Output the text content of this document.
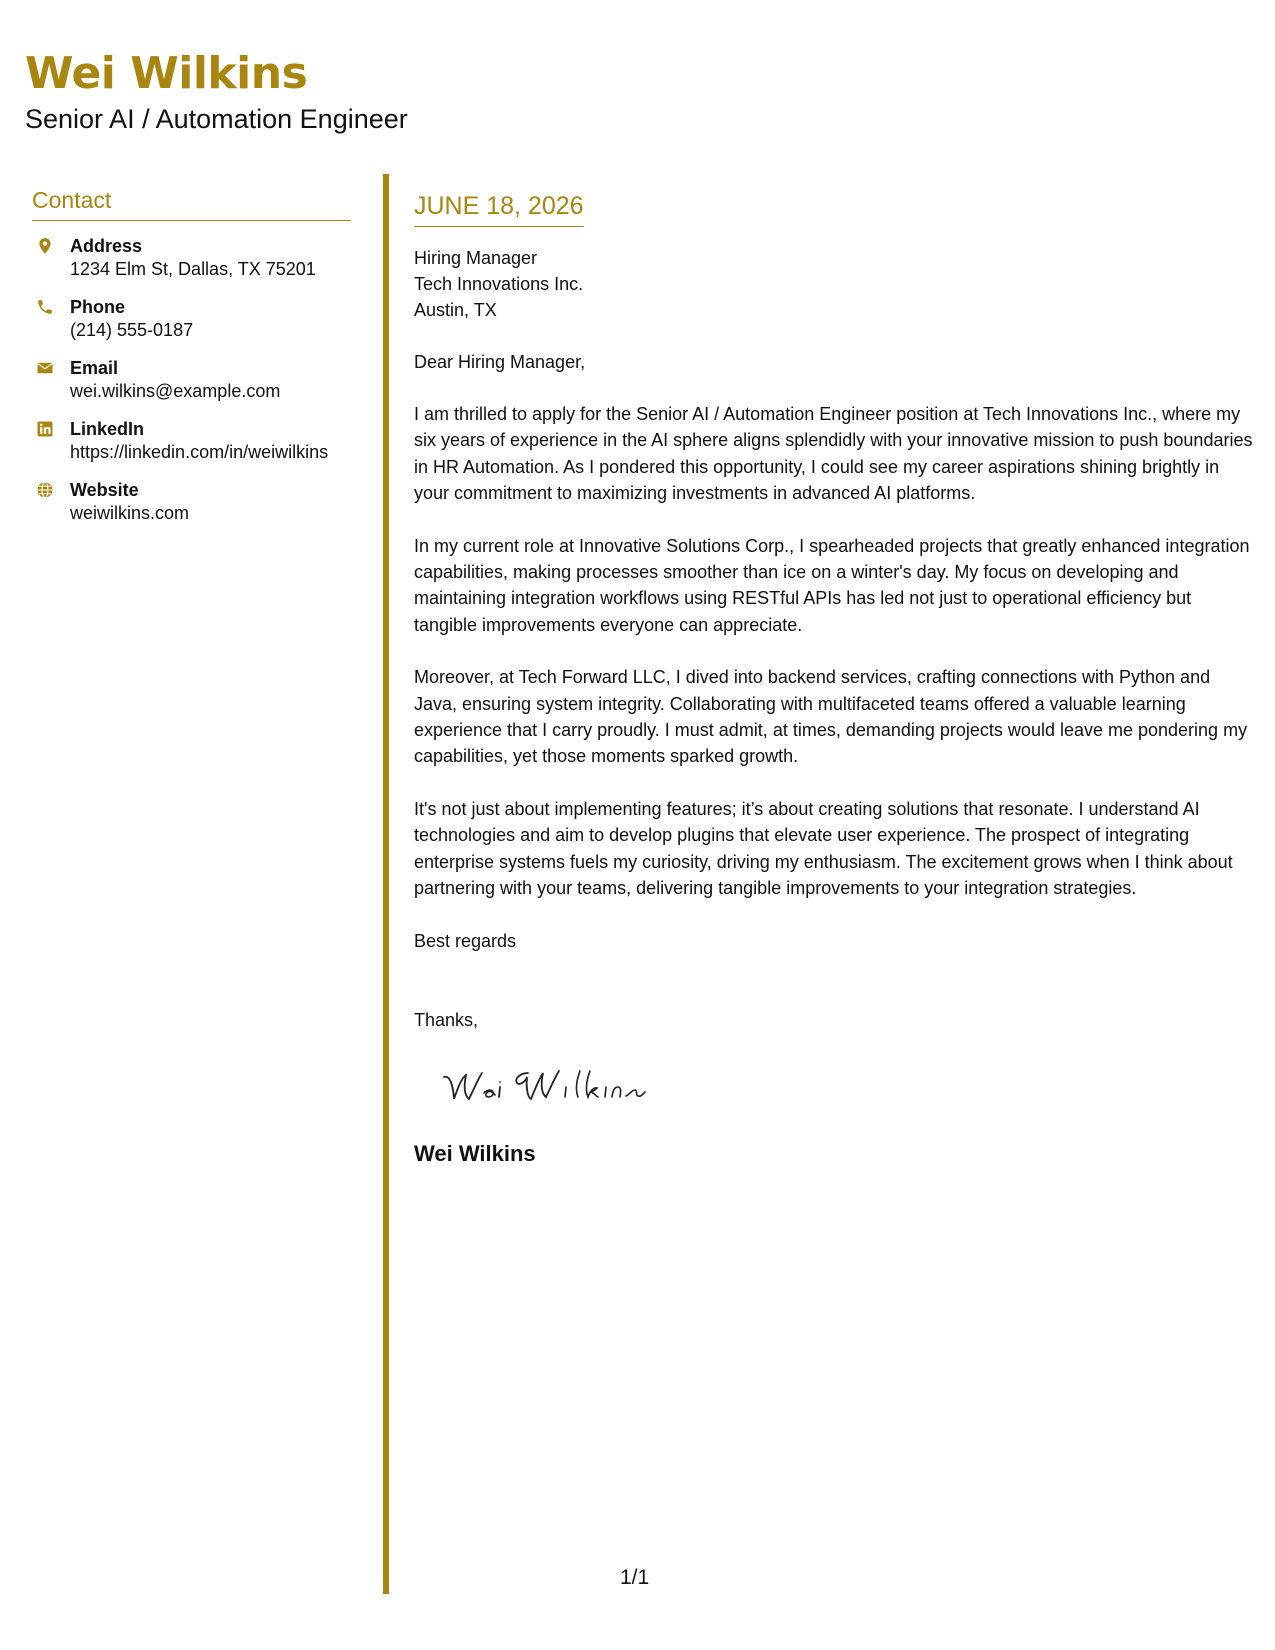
Wei Wilkins
Senior AI / Automation Engineer
Contact
Address
1234 Elm St, Dallas, TX 75201
Phone
(214) 555-0187
Email
wei.wilkins@example.com
LinkedIn
https://linkedin.com/in/weiwilkins
Website
weiwilkins.com
JUNE 18, 2026
Hiring Manager
Tech Innovations Inc.
Austin, TX
Dear Hiring Manager,

I am thrilled to apply for the Senior AI / Automation Engineer position at Tech Innovations Inc., where my six years of experience in the AI sphere aligns splendidly with your innovative mission to push boundaries in HR Automation. As I pondered this opportunity, I could see my career aspirations shining brightly in your commitment to maximizing investments in advanced AI platforms.

In my current role at Innovative Solutions Corp., I spearheaded projects that greatly enhanced integration capabilities, making processes smoother than ice on a winter's day. My focus on developing and maintaining integration workflows using RESTful APIs has led not just to operational efficiency but tangible improvements everyone can appreciate.

Moreover, at Tech Forward LLC, I dived into backend services, crafting connections with Python and Java, ensuring system integrity. Collaborating with multifaceted teams offered a valuable learning experience that I carry proudly. I must admit, at times, demanding projects would leave me pondering my capabilities, yet those moments sparked growth.

It's not just about implementing features; it’s about creating solutions that resonate. I understand AI technologies and aim to develop plugins that elevate user experience. The prospect of integrating enterprise systems fuels my curiosity, driving my enthusiasm. The excitement grows when I think about partnering with your teams, delivering tangible improvements to your integration strategies.

Best regards
Thanks,
Wei Wilkins
1/1
